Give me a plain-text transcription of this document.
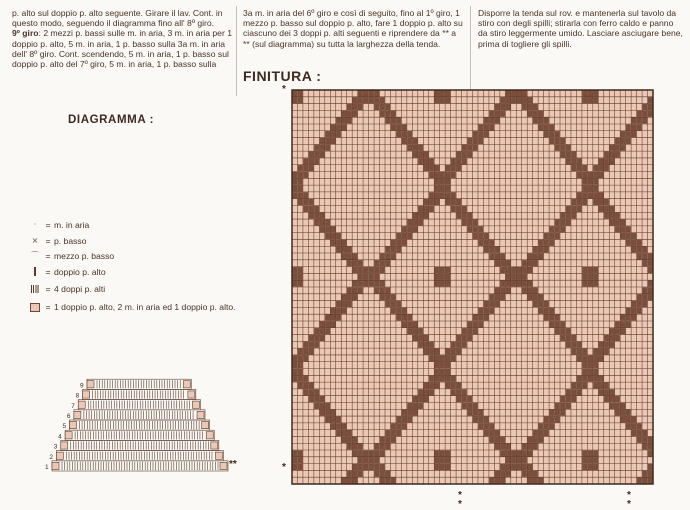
p. alto sul doppio p. alto seguente. Girare il lav. Cont. in questo modo, seguendo il diagramma fino all' 8º giro.
9º giro: 2 mezzi p. bassi sulle m. in aria, 3 m. in aria per 1 doppio p. alto, 5 m. in aria, 1 p. basso sulla 3a m. in aria dell' 8º giro. Cont. scendendo, 5 m. in aria, 1 p. basso sul doppio p. alto del 7º giro, 5 m. in aria, 1 p. basso sulla

3a m. in aria del 6º giro e così di seguito, fino al 1º giro, 1 mezzo p. basso sul doppio p. alto, fare 1 doppio p. alto su ciascuno dei 3 doppi p. alti seguenti e riprendere da ** a ** (sul diagramma) su tutta la larghezza della tenda.

Disporre la tenda sul rov. e mantenerla sul tavolo da stiro con degli spilli; stirarla con ferro caldo e panno da stiro leggermente umido. Lasciare asciugare bene, prima di togliere gli spilli.

FINITURA :
DIAGRAMMA :
·	= m. in aria
× = p. basso
⌒ = mezzo p. basso
= doppio p. alto
= 4 doppi p. alti
= 1 doppio p. alto, 2 m. in aria ed 1 doppio p. alto.
1
2
3
4
5
6
7
8
9
**
*
*
*
*
*
*
